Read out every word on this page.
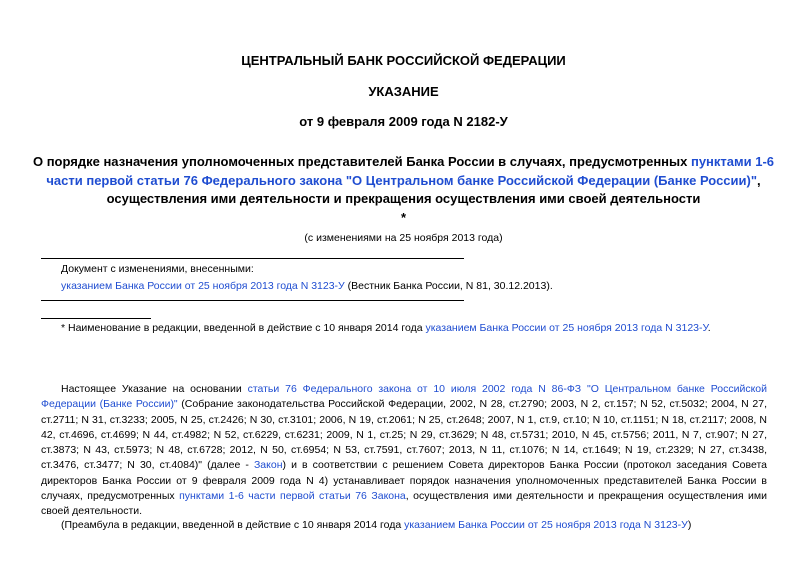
ЦЕНТРАЛЬНЫЙ БАНК РОССИЙСКОЙ ФЕДЕРАЦИИ
УКАЗАНИЕ
от 9 февраля 2009 года N 2182-У
О порядке назначения уполномоченных представителей Банка России в случаях, предусмотренных пунктами 1-6 части первой статьи 76 Федерального закона "О Центральном банке Российской Федерации (Банке России)", осуществления ими деятельности и прекращения осуществления ими своей деятельности
*
(с изменениями на 25 ноября 2013 года)
Документ с изменениями, внесенными:
указанием Банка России от 25 ноября 2013 года N 3123-У (Вестник Банка России, N 81, 30.12.2013).
* Наименование в редакции, введенной в действие с 10 января 2014 года указанием Банка России от 25 ноября 2013 года N 3123-У.
Настоящее Указание на основании статьи 76 Федерального закона от 10 июля 2002 года N 86-ФЗ "О Центральном банке Российской Федерации (Банке России)" (Собрание законодательства Российской Федерации, 2002, N 28, ст.2790; 2003, N 2, ст.157; N 52, ст.5032; 2004, N 27, ст.2711; N 31, ст.3233; 2005, N 25, ст.2426; N 30, ст.3101; 2006, N 19, ст.2061; N 25, ст.2648; 2007, N 1, ст.9, ст.10; N 10, ст.1151; N 18, ст.2117; 2008, N 42, ст.4696, ст.4699; N 44, ст.4982; N 52, ст.6229, ст.6231; 2009, N 1, ст.25; N 29, ст.3629; N 48, ст.5731; 2010, N 45, ст.5756; 2011, N 7, ст.907; N 27, ст.3873; N 43, ст.5973; N 48, ст.6728; 2012, N 50, ст.6954; N 53, ст.7591, ст.7607; 2013, N 11, ст.1076; N 14, ст.1649; N 19, ст.2329; N 27, ст.3438, ст.3476, ст.3477; N 30, ст.4084)" (далее - Закон) и в соответствии с решением Совета директоров Банка России (протокол заседания Совета директоров Банка России от 9 февраля 2009 года N 4) устанавливает порядок назначения уполномоченных представителей Банка России в случаях, предусмотренных пунктами 1-6 части первой статьи 76 Закона, осуществления ими деятельности и прекращения осуществления ими своей деятельности.
(Преамбула в редакции, введенной в действие с 10 января 2014 года указанием Банка России от 25 ноября 2013 года N 3123-У)
